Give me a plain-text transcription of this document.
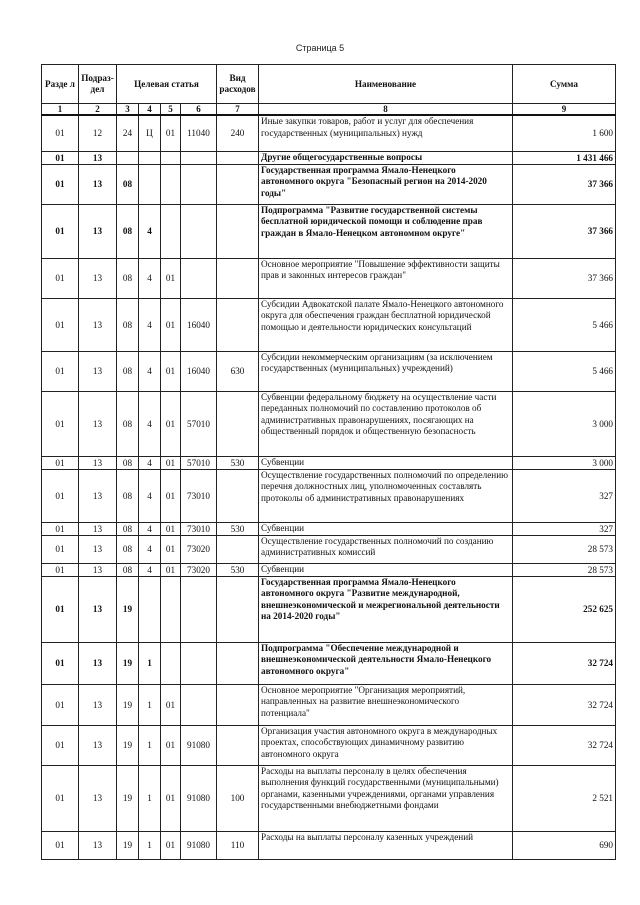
Страница 5
Разде л	Подраз-дел	Целевая статья				Вид расходов	Наименование	Сумма
1	2	3	4	5	6	7	8	9
01	12	24	Ц	01	11040	240	Иные закупки товаров, работ и услуг для обеспечения государственных (муниципальных) нужд	1 600
01	13						Другие общегосударственные вопросы	1 431 466
01	13	08					Государственная программа Ямало-Ненецкого автономного округа "Безопасный регион на 2014-2020 годы"	37 366
01	13	08	4				Подпрограмма "Развитие государственной системы бесплатной юридической помощи и соблюдение прав граждан в Ямало-Ненецком автономном округе"	37 366
01	13	08	4	01			Основное мероприятие "Повышение эффективности защиты прав и законных интересов граждан"	37 366
01	13	08	4	01	16040		Субсидии Адвокатской палате Ямало-Ненецкого автономного округа для обеспечения граждан бесплатной юридической помощью и деятельности юридических консультаций	5 466
01	13	08	4	01	16040	630	Субсидии некоммерческим организациям (за исключением государственных (муниципальных) учреждений)	5 466
01	13	08	4	01	57010		Субвенции федеральному бюджету на осуществление части переданных полномочий по составлению протоколов об административных правонарушениях, посягающих на общественный порядок и общественную безопасность	3 000
01	13	08	4	01	57010	530	Субвенции	3 000
01	13	08	4	01	73010		Осуществление государственных полномочий по определению перечня должностных лиц, уполномоченных составлять протоколы об административных правонарушениях	327
01	13	08	4	01	73010	530	Субвенции	327
01	13	08	4	01	73020		Осуществление государственных полномочий по созданию административных комиссий	28 573
01	13	08	4	01	73020	530	Субвенции	28 573
01	13	19					Государственная программа Ямало-Ненецкого автономного округа "Развитие международной, внешнеэкономической и межрегиональной деятельности на 2014-2020 годы"	252 625
01	13	19	1				Подпрограмма "Обеспечение международной и внешнеэкономической деятельности Ямало-Ненецкого автономного округа"	32 724
01	13	19	1	01			Основное мероприятие "Организация мероприятий, направленных на развитие внешнеэкономического потенциала"	32 724
01	13	19	1	01	91080		Организация участия автономного округа в международных проектах, способствующих динамичному развитию автономного округа	32 724
01	13	19	1	01	91080	100	Расходы на выплаты персоналу в целях обеспечения выполнения функций государственными (муниципальными) органами, казенными учреждениями, органами управления государственными внебюджетными фондами	2 521
01	13	19	1	01	91080	110	Расходы на выплаты персоналу казенных учреждений	690
